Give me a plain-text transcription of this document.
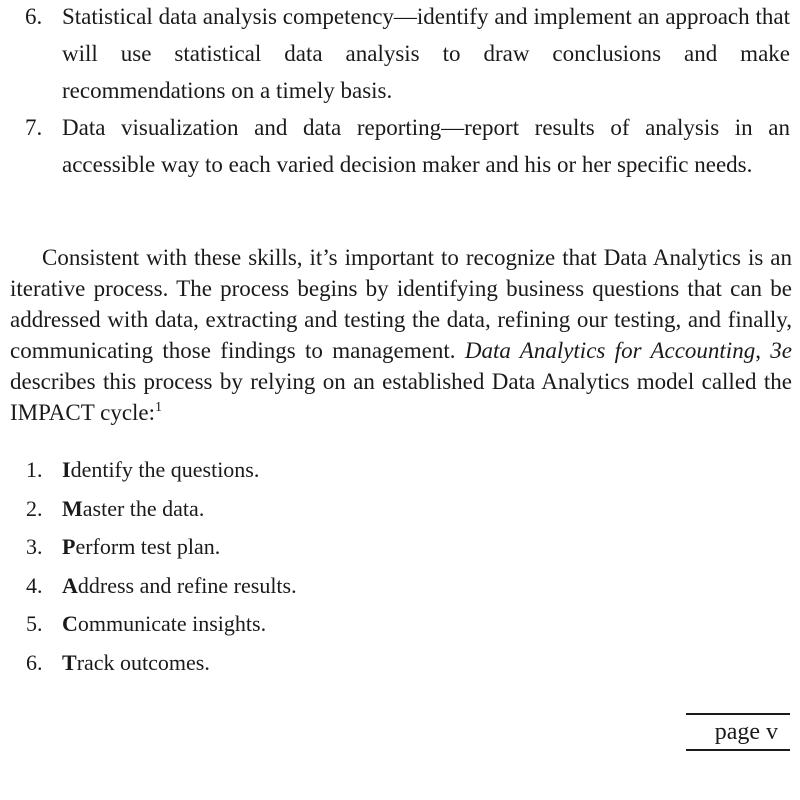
6. Statistical data analysis competency—identify and implement an approach that will use statistical data analysis to draw conclusions and make recommendations on a timely basis.
7. Data visualization and data reporting—report results of analysis in an accessible way to each varied decision maker and his or her specific needs.

Consistent with these skills, it’s important to recognize that Data Analytics is an iterative process. The process begins by identifying business questions that can be addressed with data, extracting and testing the data, refining our testing, and finally, communicating those findings to management. Data Analytics for Accounting, 3e describes this process by relying on an established Data Analytics model called the IMPACT cycle:$^1$

1. Identify the questions.
2. Master the data.
3. Perform test plan.
4. Address and refine results.
5. Communicate insights.
6. Track outcomes.
page v
